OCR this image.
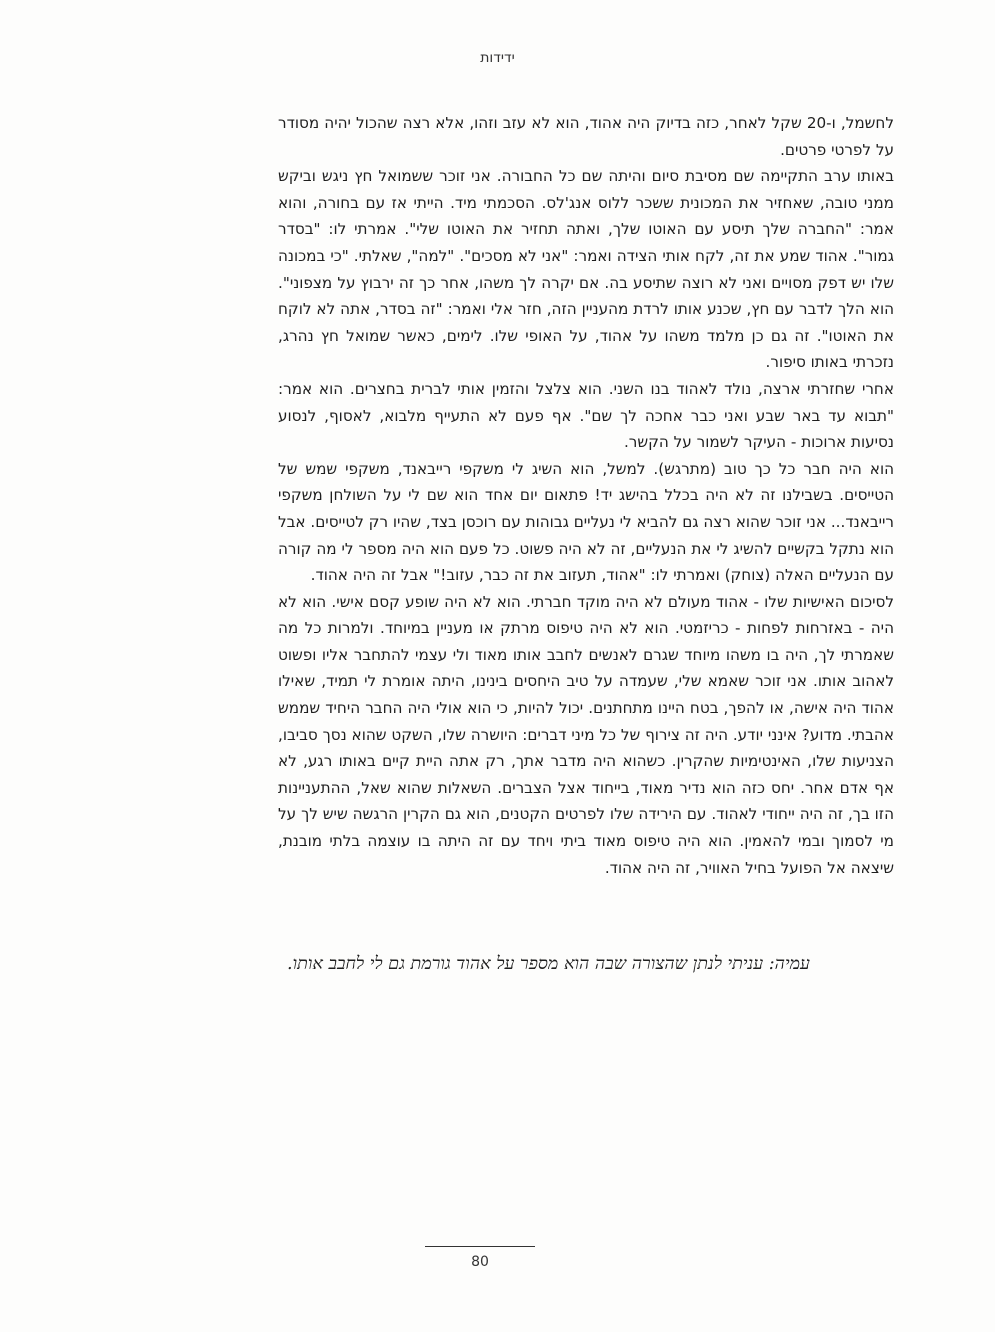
ידידות

לחשמל, ו-20 שקל לאחר, כזה בדיוק היה אהוד, הוא לא עזב וזהו, אלא רצה שהכול יהיה מסודר על לפרטי פרטים.

באותו ערב התקיימה שם מסיבת סיום והיתה שם כל החבורה. אני זוכר ששמואל חץ ניגש וביקש ממני טובה, שאחזיר את המכונית ששכר ללוס אנג'לס. הסכמתי מיד. הייתי אז עם בחורה, והוא אמר: "החברה שלך תיסע עם האוטו שלך, ואתה תחזיר את האוטו שלי". אמרתי לו: "בסדר גמור". אהוד שמע את זה, לקח אותי הצידה ואמר: "אני לא מסכים". "למה", שאלתי. "כי במכונה שלו יש דפק מסויים ואני לא רוצה שתיסע בה. אם יקרה לך משהו, אחר כך זה ירבוץ על מצפוני". הוא הלך לדבר עם חץ, שכנע אותו לרדת מהעניין הזה, חזר אלי ואמר: "זה בסדר, אתה לא לוקח את האוטו". זה גם כן מלמד משהו על אהוד, על האופי שלו. לימים, כאשר שמואל חץ נהרג, נזכרתי באותו סיפור.

אחרי שחזרתי ארצה, נולד לאהוד בנו השני. הוא צלצל והזמין אותי לברית בחצרים. הוא אמר: "תבוא עד באר שבע ואני כבר אחכה לך שם". אף פעם לא התעייף מלבוא, לאסוף, לנסוע נסיעות ארוכות - העיקר לשמור על הקשר.

הוא היה חבר כל כך טוב (מתרגש). למשל, הוא השיג לי משקפי רייבאנד, משקפי שמש של הטייסים. בשבילנו זה לא היה בכלל בהישג יד! פתאום יום אחד הוא שם לי על השולחן משקפי רייבאנד... אני זוכר שהוא רצה גם להביא לי נעליים גבוהות עם רוכסן בצד, שהיו רק לטייסים. אבל הוא נתקל בקשיים להשיג לי את הנעליים, זה לא היה פשוט. כל פעם הוא היה מספר לי מה קורה עם הנעליים האלה (צוחק) ואמרתי לו: "אהוד, תעזוב את זה כבר, עזוב!" אבל זה היה אהוד.

לסיכום האישיות שלו - אהוד מעולם לא היה מוקד חברתי. הוא לא היה שופע קסם אישי. הוא לא היה - באזרחות לפחות - כריזמטי. הוא לא היה טיפוס מרתק או מעניין במיוחד. ולמרות כל מה שאמרתי לך, היה בו משהו מיוחד שגרם לאנשים לחבב אותו מאוד ולי עצמי להתחבר אליו ופשוט לאהוב אותו. אני זוכר שאמא שלי, שעמדה על טיב היחסים בינינו, היתה אומרת לי תמיד, שאילו אהוד היה אישה, או להפך, בטח היינו מתחתנים. יכול להיות, כי הוא אולי היה החבר היחיד שממש אהבתי. מדוע? אינני יודע. היה זה צירוף של כל מיני דברים: היושרה שלו, השקט שהוא נסך סביבו, הצניעות שלו, האינטימיות שהקרין. כשהוא היה מדבר אתך, רק אתה היית קיים באותו רגע, לא אף אדם אחר. יחס כזה הוא נדיר מאוד, בייחוד אצל הצברים. השאלות שהוא שאל, ההתעניינות הזו בך, זה היה ייחודי לאהוד. עם הירידה שלו לפרטים הקטנים, הוא גם הקרין הרגשה שיש לך על מי לסמוך ובמי להאמין. הוא היה טיפוס מאוד ביתי ויחד עם זה היתה בו עוצמה בלתי מובנת, שיצאה אל הפועל בחיל האוויר, זה היה אהוד.

עמיה: עניתי לנתן שהצורה שבה הוא מספר על אהוד גורמת גם לי לחבב אותו.
80
